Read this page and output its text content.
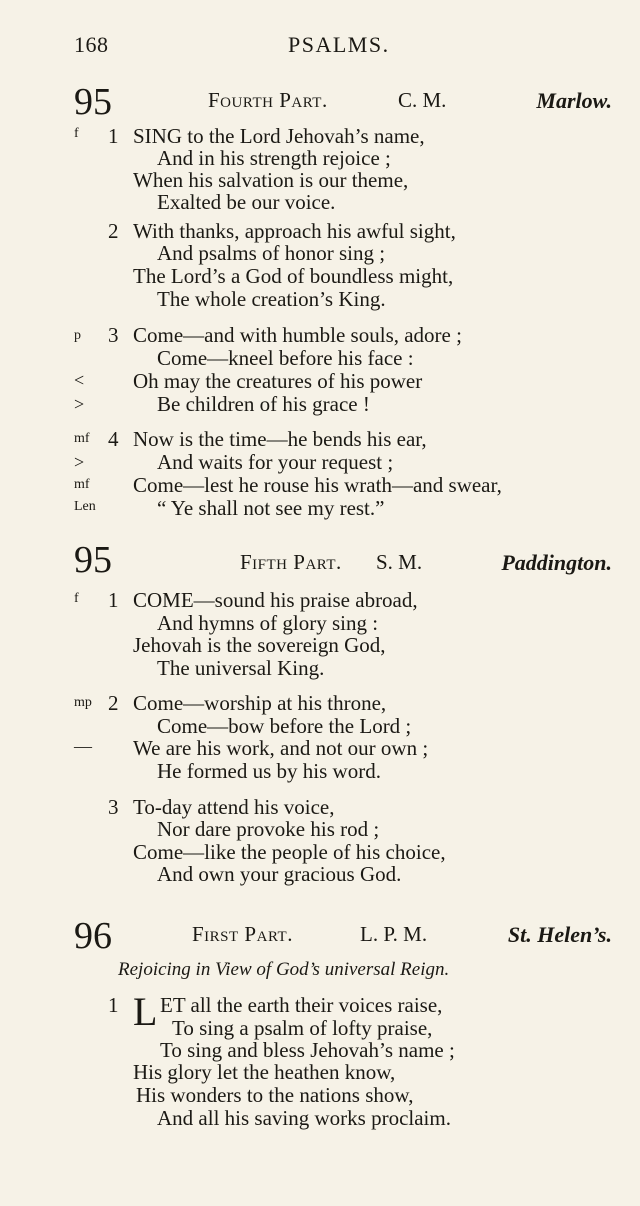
168	PSALMS.
95	Fourth Part.	C. M.	Marlow.
f	1 SING to the Lord Jehovah’s name,
And in his strength rejoice ;
When his salvation is our theme,
Exalted be our voice.
2 With thanks, approach his awful sight,
And psalms of honor sing ;
The Lord’s a God of boundless might,
The whole creation’s King.
p	3 Come—and with humble souls, adore ;
Come—kneel before his face :
<	Oh may the creatures of his power
>	Be children of his grace !
mf 4 Now is the time—he bends his ear,
>	And waits for your request ;
mf	Come—lest he rouse his wrath—and swear,
Len	“ Ye shall not see my rest.”
95	Fifth Part. S. M.	Paddington.
f	1 COME—sound his praise abroad,
And hymns of glory sing :
Jehovah is the sovereign God,
The universal King.
mp 2 Come—worship at his throne,
Come—bow before the Lord ;
—	We are his work, and not our own ;
He formed us by his word.
3 To-day attend his voice,
Nor dare provoke his rod ;
Come—like the people of his choice,
And own your gracious God.
96	First Part.	L. P. M.	St. Helen’s.
Rejoicing in View of God’s universal Reign.
1 L ET all the earth their voices raise,
To sing a psalm of lofty praise,
To sing and bless Jehovah’s name ;
His glory let the heathen know,
His wonders to the nations show,
And all his saving works proclaim.
